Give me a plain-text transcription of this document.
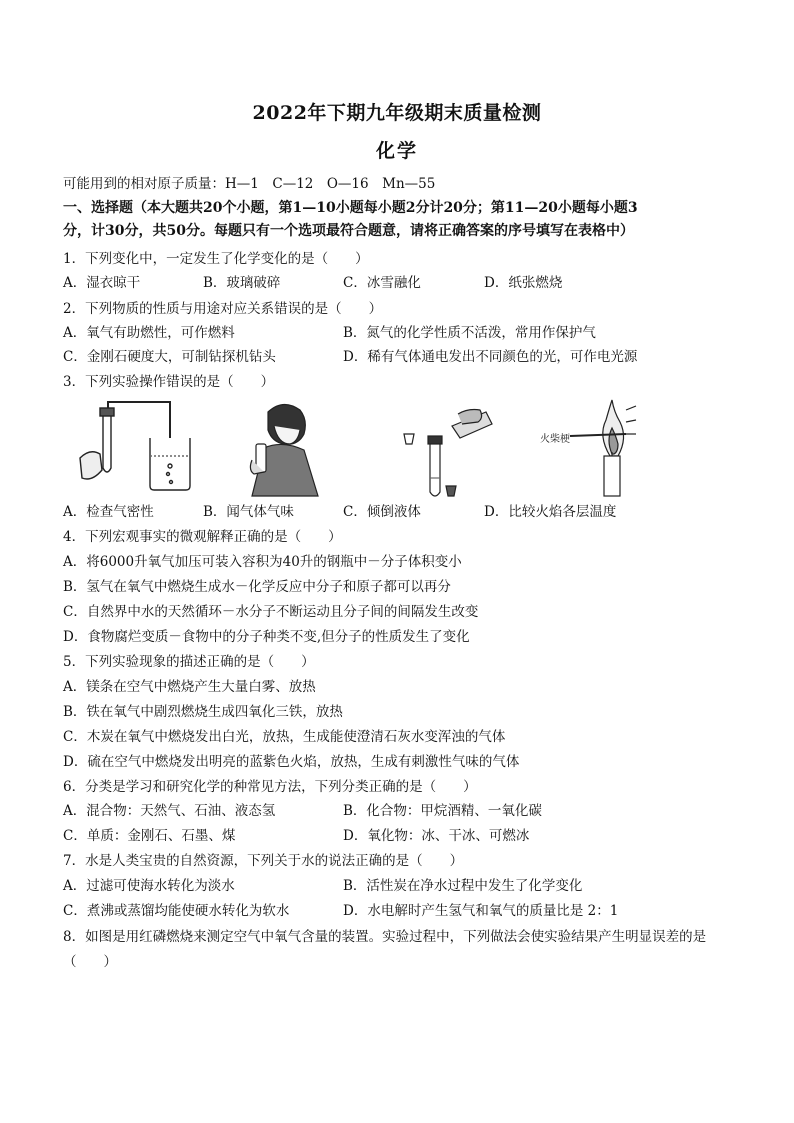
2022年下期九年级期末质量检测
化学
可能用到的相对原子质量：H—1　C—12　O—16　Mn—55
一、选择题（本大题共20个小题，第1—10小题每小题2分计20分；第11—20小题每小题3
分，计30分，共50分。每题只有一个选项最符合题意，请将正确答案的序号填写在表格中）
1．下列变化中，一定发生了化学变化的是（　　）
A．湿衣晾干	B．玻璃破碎	C．冰雪融化	D．纸张燃烧
2．下列物质的性质与用途对应关系错误的是（　　）
A．氧气有助燃性，可作燃料	B．氮气的化学性质不活泼，常用作保护气
C．金刚石硬度大，可制钻探机钻头	D．稀有气体通电发出不同颜色的光，可作电光源
3．下列实验操作错误的是（　　）
火柴梗
A．检查气密性	B．闻气体气味	C．倾倒液体	D．比较火焰各层温度
4．下列宏观事实的微观解释正确的是（　　）
A．将6000升氧气加压可装入容积为40升的钢瓶中－分子体积变小
B．氢气在氧气中燃烧生成水－化学反应中分子和原子都可以再分
C．自然界中水的天然循环－水分子不断运动且分子间的间隔发生改变
D．食物腐烂变质－食物中的分子种类不变,但分子的性质发生了变化
5．下列实验现象的描述正确的是（　　）
A．镁条在空气中燃烧产生大量白雾、放热
B．铁在氧气中剧烈燃烧生成四氧化三铁，放热
C．木炭在氧气中燃烧发出白光，放热，生成能使澄清石灰水变浑浊的气体
D．硫在空气中燃烧发出明亮的蓝紫色火焰，放热，生成有刺激性气味的气体
6．分类是学习和研究化学的种常见方法，下列分类正确的是（　　）
A．混合物：天然气、石油、液态氢	B．化合物：甲烷酒精、一氧化碳
C．单质：金刚石、石墨、煤	D．氧化物：冰、干冰、可燃冰
7．水是人类宝贵的自然资源，下列关于水的说法正确的是（　　）
A．过滤可使海水转化为淡水	B．活性炭在净水过程中发生了化学变化
C．煮沸或蒸馏均能使硬水转化为软水	D．水电解时产生氢气和氧气的质量比是 2：1
8．如图是用红磷燃烧来测定空气中氧气含量的装置。实验过程中，下列做法会使实验结果产生明显误差的是
（　　）
